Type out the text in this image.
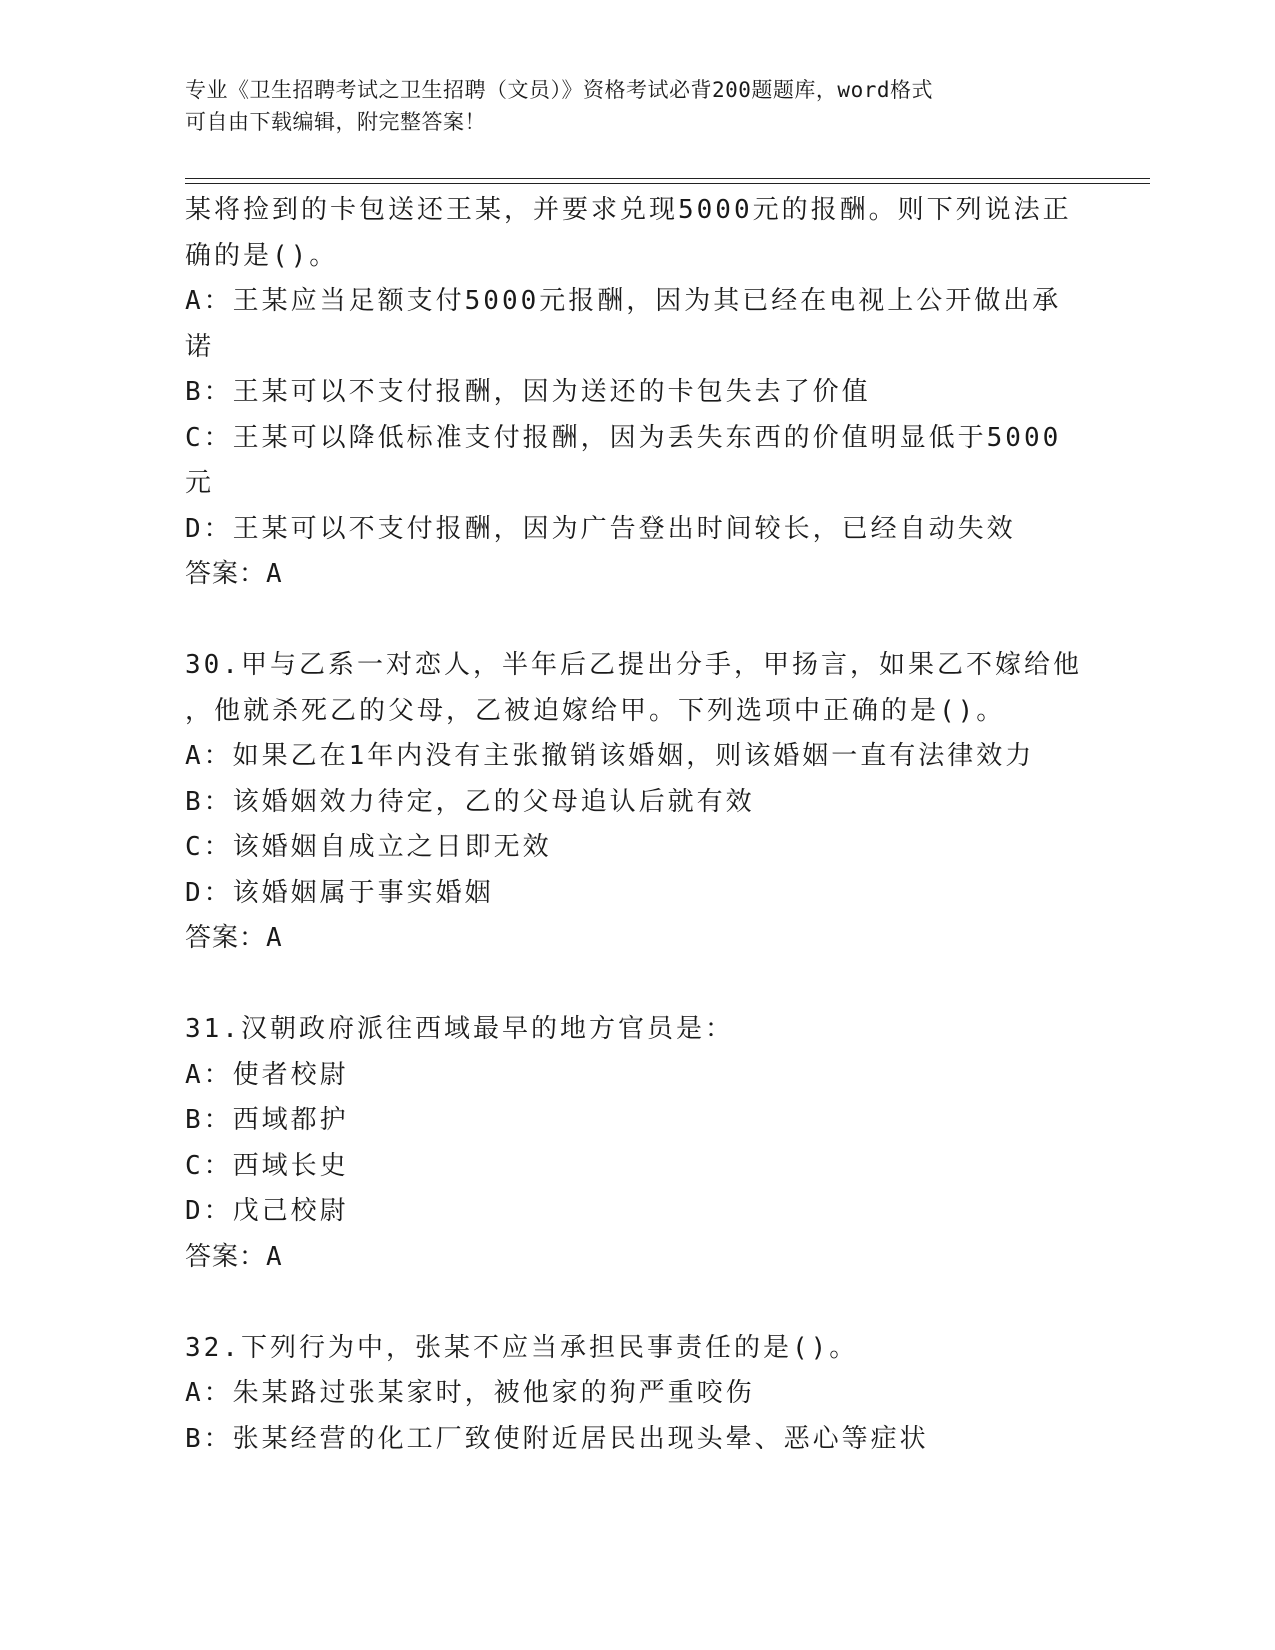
专业《卫生招聘考试之卫生招聘（文员）》资格考试必背200题题库，word格式
可自由下载编辑，附完整答案！
某将捡到的卡包送还王某，并要求兑现5000元的报酬。则下列说法正
确的是()。
A：王某应当足额支付5000元报酬，因为其已经在电视上公开做出承
诺
B：王某可以不支付报酬，因为送还的卡包失去了价值
C：王某可以降低标准支付报酬，因为丢失东西的价值明显低于5000
元
D：王某可以不支付报酬，因为广告登出时间较长，已经自动失效
答案：A
30.甲与乙系一对恋人，半年后乙提出分手，甲扬言，如果乙不嫁给他
，他就杀死乙的父母，乙被迫嫁给甲。下列选项中正确的是()。
A：如果乙在1年内没有主张撤销该婚姻，则该婚姻一直有法律效力
B：该婚姻效力待定，乙的父母追认后就有效
C：该婚姻自成立之日即无效
D：该婚姻属于事实婚姻
答案：A
31.汉朝政府派往西域最早的地方官员是：
A：使者校尉
B：西域都护
C：西域长史
D：戊己校尉
答案：A
32.下列行为中，张某不应当承担民事责任的是()。
A：朱某路过张某家时，被他家的狗严重咬伤
B：张某经营的化工厂致使附近居民出现头晕、恶心等症状
